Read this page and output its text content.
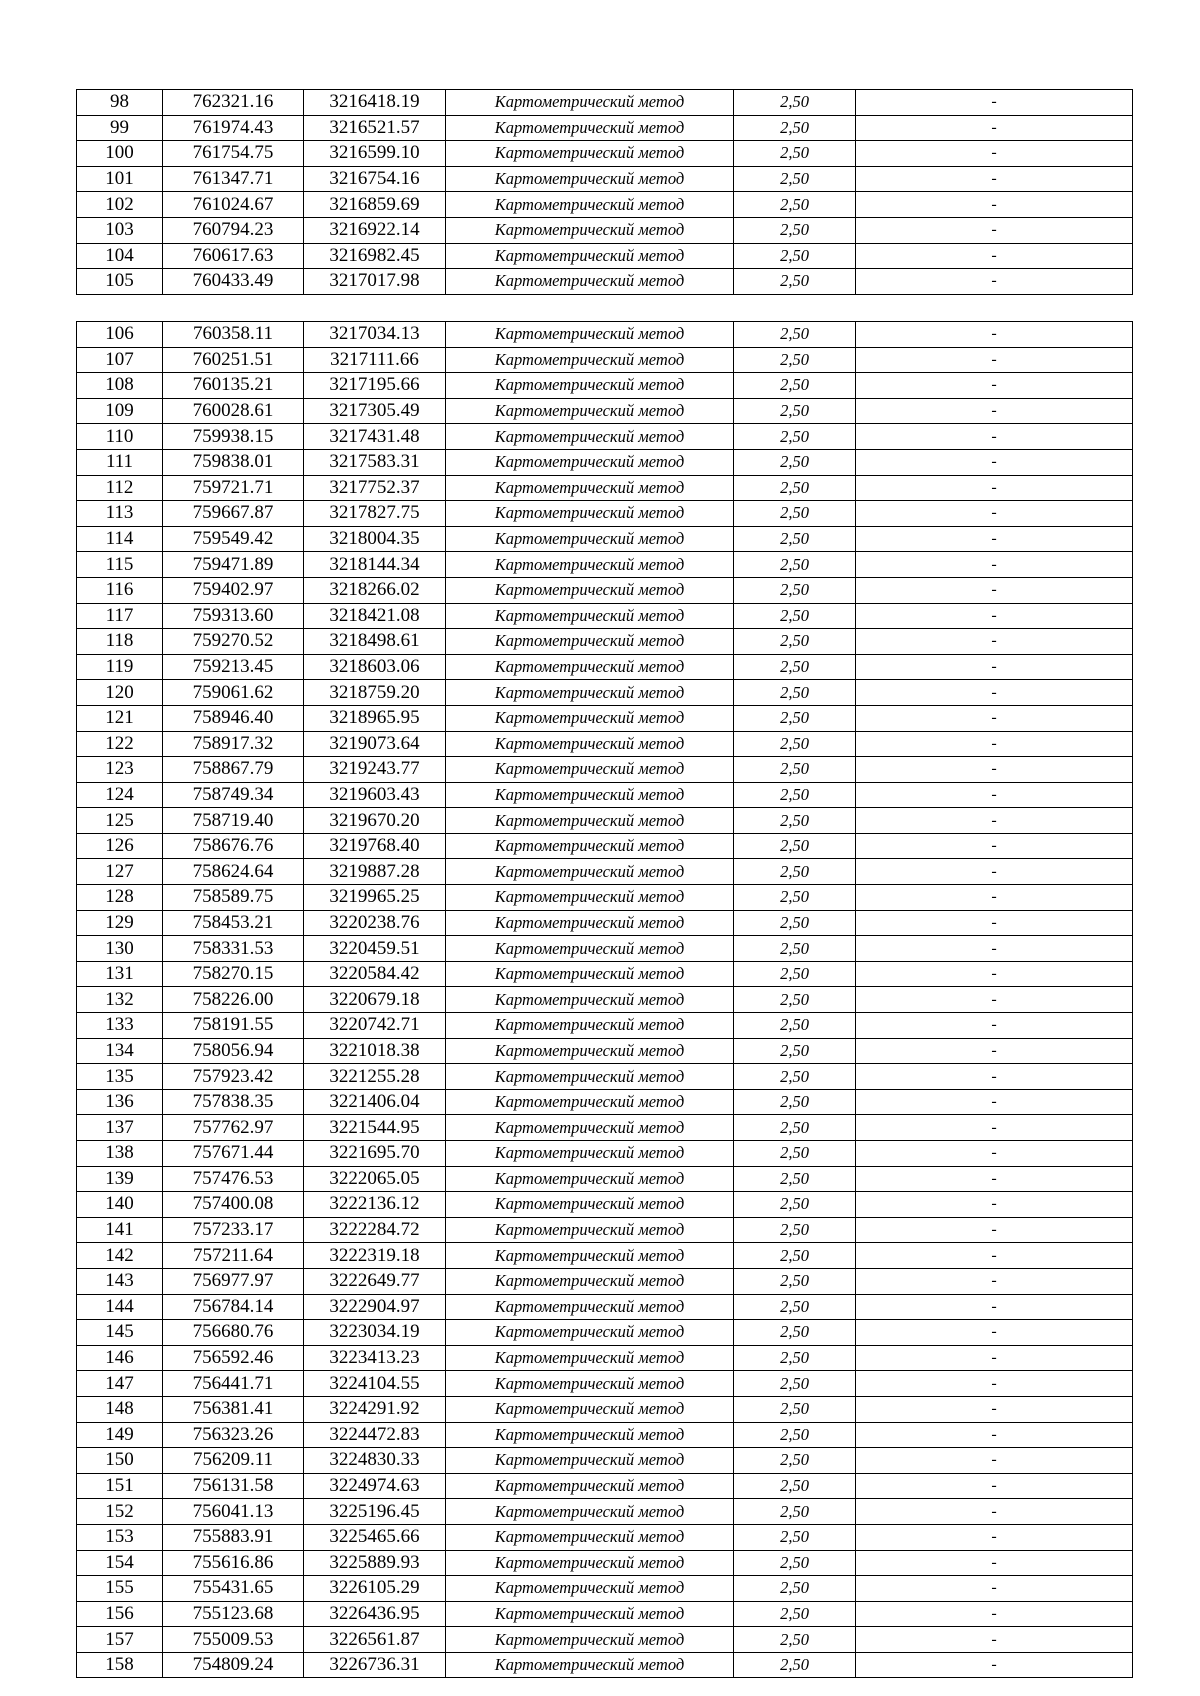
98	762321.16	3216418.19	Картометрический метод	2,50	-
99	761974.43	3216521.57	Картометрический метод	2,50	-
100	761754.75	3216599.10	Картометрический метод	2,50	-
101	761347.71	3216754.16	Картометрический метод	2,50	-
102	761024.67	3216859.69	Картометрический метод	2,50	-
103	760794.23	3216922.14	Картометрический метод	2,50	-
104	760617.63	3216982.45	Картометрический метод	2,50	-
105	760433.49	3217017.98	Картометрический метод	2,50	-
106	760358.11	3217034.13	Картометрический метод	2,50	-
107	760251.51	3217111.66	Картометрический метод	2,50	-
108	760135.21	3217195.66	Картометрический метод	2,50	-
109	760028.61	3217305.49	Картометрический метод	2,50	-
110	759938.15	3217431.48	Картометрический метод	2,50	-
111	759838.01	3217583.31	Картометрический метод	2,50	-
112	759721.71	3217752.37	Картометрический метод	2,50	-
113	759667.87	3217827.75	Картометрический метод	2,50	-
114	759549.42	3218004.35	Картометрический метод	2,50	-
115	759471.89	3218144.34	Картометрический метод	2,50	-
116	759402.97	3218266.02	Картометрический метод	2,50	-
117	759313.60	3218421.08	Картометрический метод	2,50	-
118	759270.52	3218498.61	Картометрический метод	2,50	-
119	759213.45	3218603.06	Картометрический метод	2,50	-
120	759061.62	3218759.20	Картометрический метод	2,50	-
121	758946.40	3218965.95	Картометрический метод	2,50	-
122	758917.32	3219073.64	Картометрический метод	2,50	-
123	758867.79	3219243.77	Картометрический метод	2,50	-
124	758749.34	3219603.43	Картометрический метод	2,50	-
125	758719.40	3219670.20	Картометрический метод	2,50	-
126	758676.76	3219768.40	Картометрический метод	2,50	-
127	758624.64	3219887.28	Картометрический метод	2,50	-
128	758589.75	3219965.25	Картометрический метод	2,50	-
129	758453.21	3220238.76	Картометрический метод	2,50	-
130	758331.53	3220459.51	Картометрический метод	2,50	-
131	758270.15	3220584.42	Картометрический метод	2,50	-
132	758226.00	3220679.18	Картометрический метод	2,50	-
133	758191.55	3220742.71	Картометрический метод	2,50	-
134	758056.94	3221018.38	Картометрический метод	2,50	-
135	757923.42	3221255.28	Картометрический метод	2,50	-
136	757838.35	3221406.04	Картометрический метод	2,50	-
137	757762.97	3221544.95	Картометрический метод	2,50	-
138	757671.44	3221695.70	Картометрический метод	2,50	-
139	757476.53	3222065.05	Картометрический метод	2,50	-
140	757400.08	3222136.12	Картометрический метод	2,50	-
141	757233.17	3222284.72	Картометрический метод	2,50	-
142	757211.64	3222319.18	Картометрический метод	2,50	-
143	756977.97	3222649.77	Картометрический метод	2,50	-
144	756784.14	3222904.97	Картометрический метод	2,50	-
145	756680.76	3223034.19	Картометрический метод	2,50	-
146	756592.46	3223413.23	Картометрический метод	2,50	-
147	756441.71	3224104.55	Картометрический метод	2,50	-
148	756381.41	3224291.92	Картометрический метод	2,50	-
149	756323.26	3224472.83	Картометрический метод	2,50	-
150	756209.11	3224830.33	Картометрический метод	2,50	-
151	756131.58	3224974.63	Картометрический метод	2,50	-
152	756041.13	3225196.45	Картометрический метод	2,50	-
153	755883.91	3225465.66	Картометрический метод	2,50	-
154	755616.86	3225889.93	Картометрический метод	2,50	-
155	755431.65	3226105.29	Картометрический метод	2,50	-
156	755123.68	3226436.95	Картометрический метод	2,50	-
157	755009.53	3226561.87	Картометрический метод	2,50	-
158	754809.24	3226736.31	Картометрический метод	2,50	-
